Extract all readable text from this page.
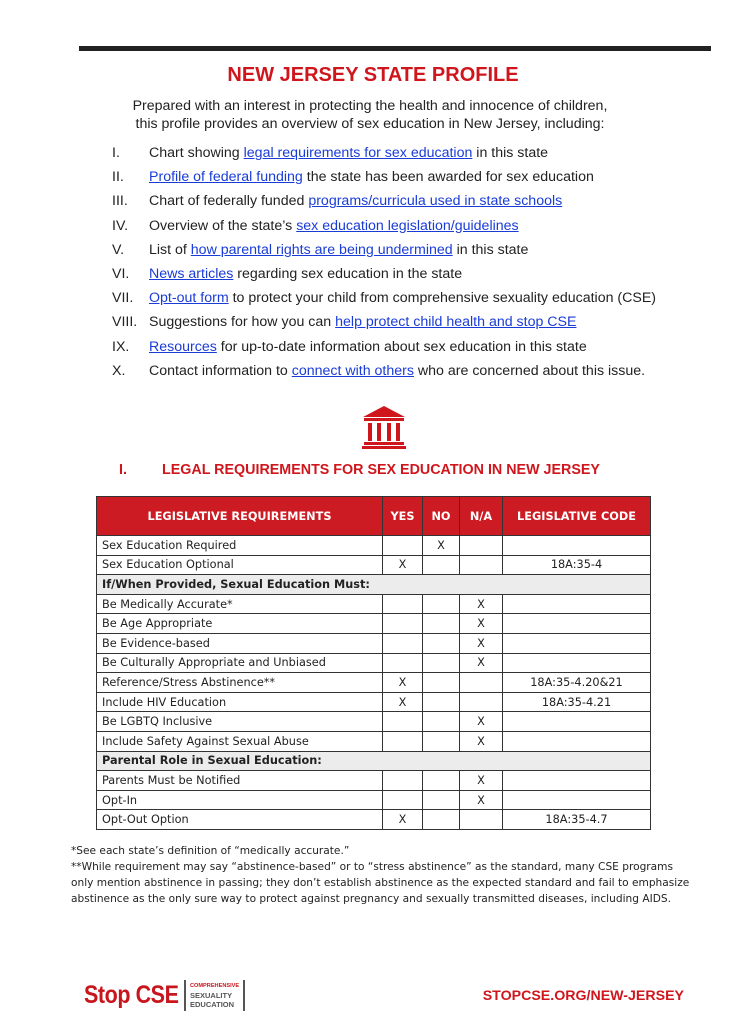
NEW JERSEY STATE PROFILE
Prepared with an interest in protecting the health and innocence of children,
this profile provides an overview of sex education in New Jersey, including:
I. Chart showing legal requirements for sex education in this state
II. Profile of federal funding the state has been awarded for sex education
III. Chart of federally funded programs/curricula used in state schools
IV. Overview of the state’s sex education legislation/guidelines
V. List of how parental rights are being undermined in this state
VI. News articles regarding sex education in the state
VII. Opt-out form to protect your child from comprehensive sexuality education (CSE)
VIII. Suggestions for how you can help protect child health and stop CSE
IX. Resources for up-to-date information about sex education in this state
X. Contact information to connect with others who are concerned about this issue.
I. LEGAL REQUIREMENTS FOR SEX EDUCATION IN NEW JERSEY
LEGISLATIVE REQUIREMENTS	YES	NO	N/A	LEGISLATIVE CODE
Sex Education Required		X		
Sex Education Optional	X			18A:35-4
If/When Provided, Sexual Education Must:				
Be Medically Accurate*			X	
Be Age Appropriate			X	
Be Evidence-based			X	
Be Culturally Appropriate and Unbiased			X	
Reference/Stress Abstinence**	X			18A:35-4.20&21
Include HIV Education	X			18A:35-4.21
Be LGBTQ Inclusive			X	
Include Safety Against Sexual Abuse			X	
Parental Role in Sexual Education:				
Parents Must be Notified			X	
Opt-In			X	
Opt-Out Option	X			18A:35-4.7
*See each state’s definition of “medically accurate.”
**While requirement may say “abstinence-based” or to “stress abstinence” as the standard, many CSE programs
only mention abstinence in passing; they don’t establish abstinence as the expected standard and fail to emphasize
abstinence as the only sure way to protect against pregnancy and sexually transmitted diseases, including AIDS.
Stop CSE COMPREHENSIVE
SEXUALITY
EDUCATION	STOPCSE.ORG/NEW-JERSEY
